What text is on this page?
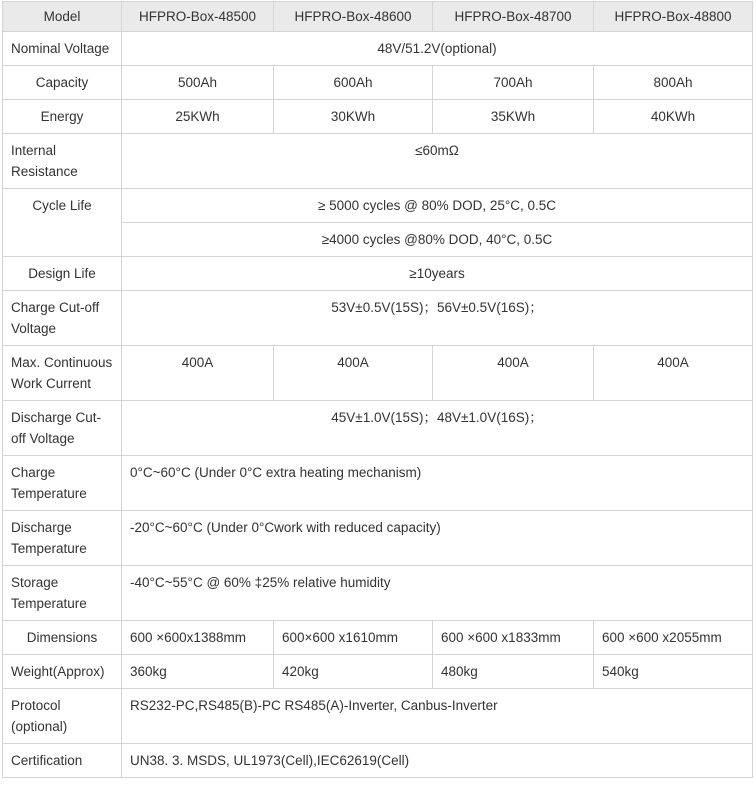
Model	HFPRO-Box-48500	HFPRO-Box-48600	HFPRO-Box-48700	HFPRO-Box-48800
Nominal Voltage	48V/51.2V(optional)			
Capacity	500Ah	600Ah	700Ah	800Ah
Energy	25KWh	30KWh	35KWh	40KWh
Internal Resistance	≤60mΩ			
Cycle Life	≥ 5000 cycles @ 80% DOD, 25°C, 0.5C			
	≥4000 cycles @80% DOD, 40°C, 0.5C			
Design Life	≥10years			
Charge Cut-off Voltage	53V±0.5V(15S)；56V±0.5V(16S)；			
Max. Continuous Work Current	400A	400A	400A	400A
Discharge Cut-off Voltage	45V±1.0V(15S)；48V±1.0V(16S)；			
Charge Temperature	0°C~60°C (Under 0°C extra heating mechanism)			
Discharge Temperature	-20°C~60°C (Under 0°Cwork with reduced capacity)			
Storage Temperature	-40°C~55°C @ 60% ‡25% relative humidity			
Dimensions	600 ×600x1388mm	600×600 x1610mm	600 ×600 x1833mm	600 ×600 x2055mm
Weight(Approx)	360kg	420kg	480kg	540kg
Protocol (optional)	RS232-PC,RS485(B)-PC RS485(A)-Inverter, Canbus-Inverter			
Certification	UN38. 3. MSDS, UL1973(Cell),IEC62619(Cell)			
